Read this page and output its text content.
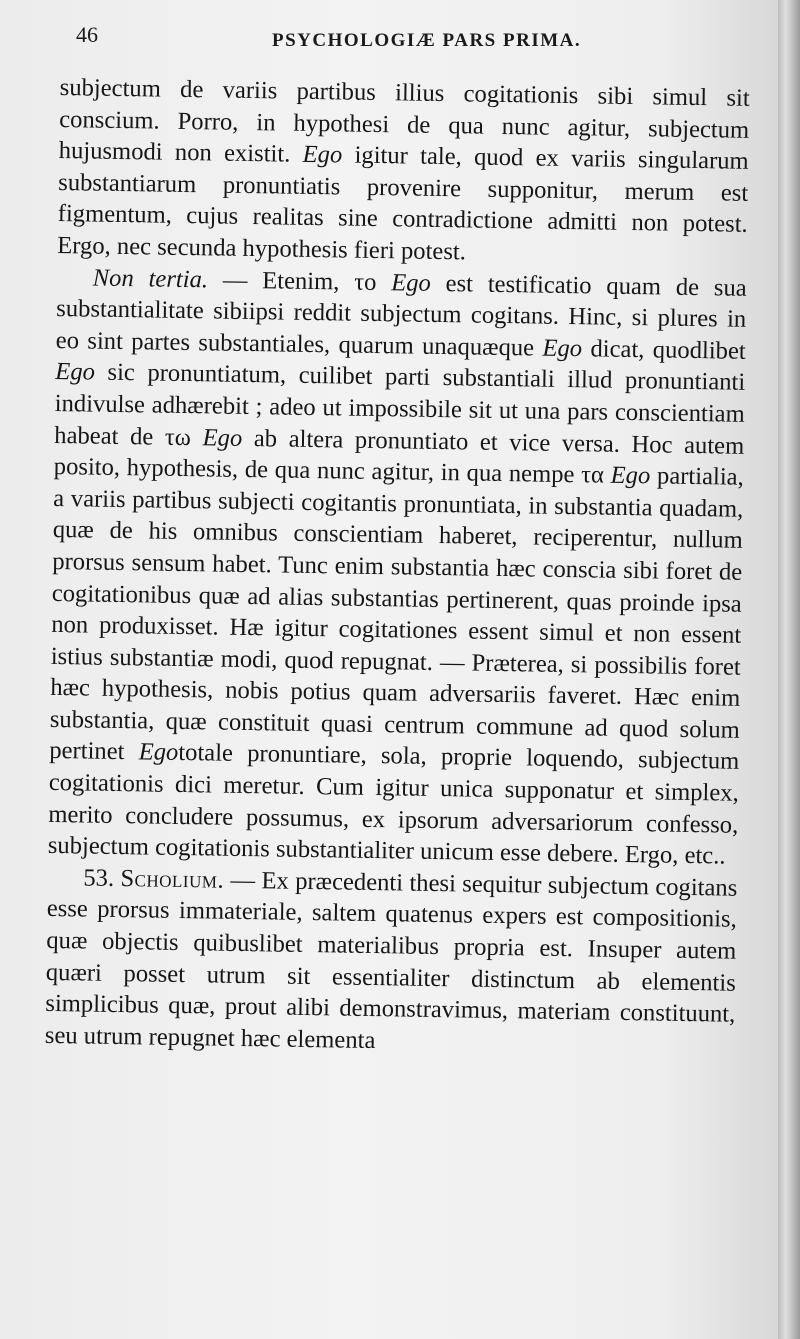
46	PSYCHOLOGIÆ PARS PRIMA.

subjectum de variis partibus illius cogitationis sibi simul sit conscium. Porro, in hypothesi de qua nunc agitur, subjectum hujusmodi non existit. Ego igitur tale, quod ex variis singularum substantiarum pronuntiatis provenire supponitur, merum est figmentum, cujus realitas sine contradictione admitti non potest. Ergo, nec secunda hypothesis fieri potest.

Non tertia. — Etenim, το Ego est testificatio quam de sua substantialitate sibiipsi reddit subjectum cogitans. Hinc, si plures in eo sint partes substantiales, quarum unaquæque Ego dicat, quodlibet Ego sic pronuntiatum, cuilibet parti substantiali illud pronuntianti indivulse adhærebit ; adeo ut impossibile sit ut una pars conscientiam habeat de τω Ego ab altera pronuntiato et vice versa. Hoc autem posito, hypothesis, de qua nunc agitur, in qua nempe τα Ego partialia, a variis partibus subjecti cogitantis pronuntiata, in substantia quadam, quæ de his omnibus conscientiam haberet, reciperentur, nullum prorsus sensum habet. Tunc enim substantia hæc conscia sibi foret de cogitationibus quæ ad alias substantias pertinerent, quas proinde ipsa non produxisset. Hæ igitur cogitationes essent simul et non essent istius substantiæ modi, quod repugnat. — Præterea, si possibilis foret hæc hypothesis, nobis potius quam adversariis faveret. Hæc enim substantia, quæ constituit quasi centrum commune ad quod solum pertinet Egototale pronuntiare, sola, proprie loquendo, subjectum cogitationis dici meretur. Cum igitur unica supponatur et simplex, merito concludere possumus, ex ipsorum adversariorum confesso, subjectum cogitationis substantialiter unicum esse debere. Ergo, etc..

53. Scholium. — Ex præcedenti thesi sequitur subjectum cogitans esse prorsus immateriale, saltem quatenus expers est compositionis, quæ objectis quibuslibet materialibus propria est. Insuper autem quæri posset utrum sit essentialiter distinctum ab elementis simplicibus quæ, prout alibi demonstravimus, materiam constituunt, seu utrum repugnet hæc elementa
